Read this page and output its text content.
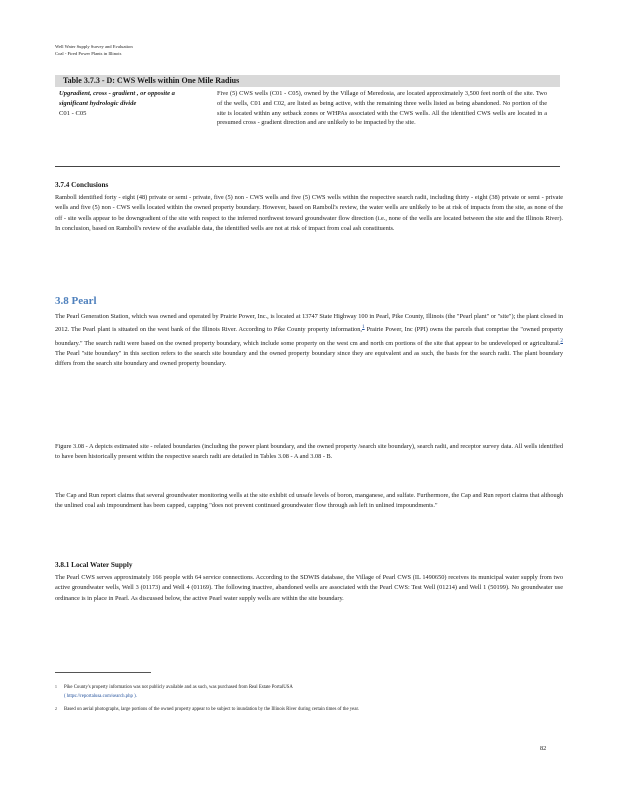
Well Water Supply Survey and Evaluation
Coal - Fired Power Plants in Illinois
Table 3.7.3 - D: CWS Wells within One Mile Radius
Upgradient, cross - gradient , or opposite a significant hydrologic divide
C01 - C05
Five (5) CWS wells (C01 - C05), owned by the Village of Meredosia, are located approximately 3,500 feet north of the site. Two of the wells, C01 and C02, are listed as being active, with the remaining three wells listed as being abandoned. No portion of the site is located within any setback zones or WHPAs associated with the CWS wells. All the identified CWS wells are located in a presumed cross - gradient direction and are unlikely to be impacted by the site.
3.7.4 Conclusions
Ramboll identified forty - eight (48) private or semi - private, five (5) non - CWS wells and five (5) CWS wells within the respective search radii, including thirty - eight (38) private or semi - private wells and five (5) non - CWS wells located within the owned property boundary. However, based on Ramboll's review, the water wells are unlikely to be at risk of impacts from the site, as none of the off - site wells appear to be downgradient of the site with respect to the inferred northwest toward groundwater flow direction (i.e., none of the wells are located between the site and the Illinois River). In conclusion, based on Ramboll's review of the available data, the identified wells are not at risk of impact from coal ash constituents.
3.8 Pearl
The Pearl Generation Station, which was owned and operated by Prairie Power, Inc., is located at 13747 State Highway 100 in Pearl, Pike County, Illinois (the "Pearl plant" or "site"); the plant closed in 2012. The Pearl plant is situated on the west bank of the Illinois River. According to Pike County property information,$^1$ Prairie Power, Inc (PPI) owns the parcels that comprise the "owned property boundary." The search radii were based on the owned property boundary, which include some property on the west cm and north cm portions of the site that appear to be undeveloped or agricultural.$^2$ The Pearl "site boundary" in this section refers to the search site boundary and the owned property boundary since they are equivalent and as such, the basis for the search radii. The plant boundary differs from the search site boundary and owned property boundary.
Figure 3.08 - A depicts estimated site - related boundaries (including the power plant boundary, and the owned property /search site boundary), search radii, and receptor survey data. All wells identified to have been historically present within the respective search radii are detailed in Tables 3.08 - A and 3.08 - B.
The Cap and Run report claims that several groundwater monitoring wells at the site exhibit cd unsafe levels of boron, manganese, and sulfate. Furthermore, the Cap and Run report claims that although the unlined coal ash impoundment has been capped, capping "does not prevent continued groundwater flow through ash left in unlined impoundments."
3.8.1 Local Water Supply
The Pearl CWS serves approximately 166 people with 64 service connections. According to the SDWIS database, the Village of Pearl CWS (IL 1490650) receives its municipal water supply from two active groundwater wells, Well 3 (01173) and Well 4 (01169). The following inactive, abandoned wells are associated with the Pearl CWS: Test Well (01214) and Well 1 (50199). No groundwater use ordinance is in place in Pearl. As discussed below, the active Pearl water supply wells are within the site boundary.
1 Pike County's property information was not publicly available and as such, was purchased from Real Estate PortalUSA
( https://reportalusa.com/search.php ).
2 Based on aerial photographs, large portions of the owned property appear to be subject to inundation by the Illinois River during certain times of the year.
82
